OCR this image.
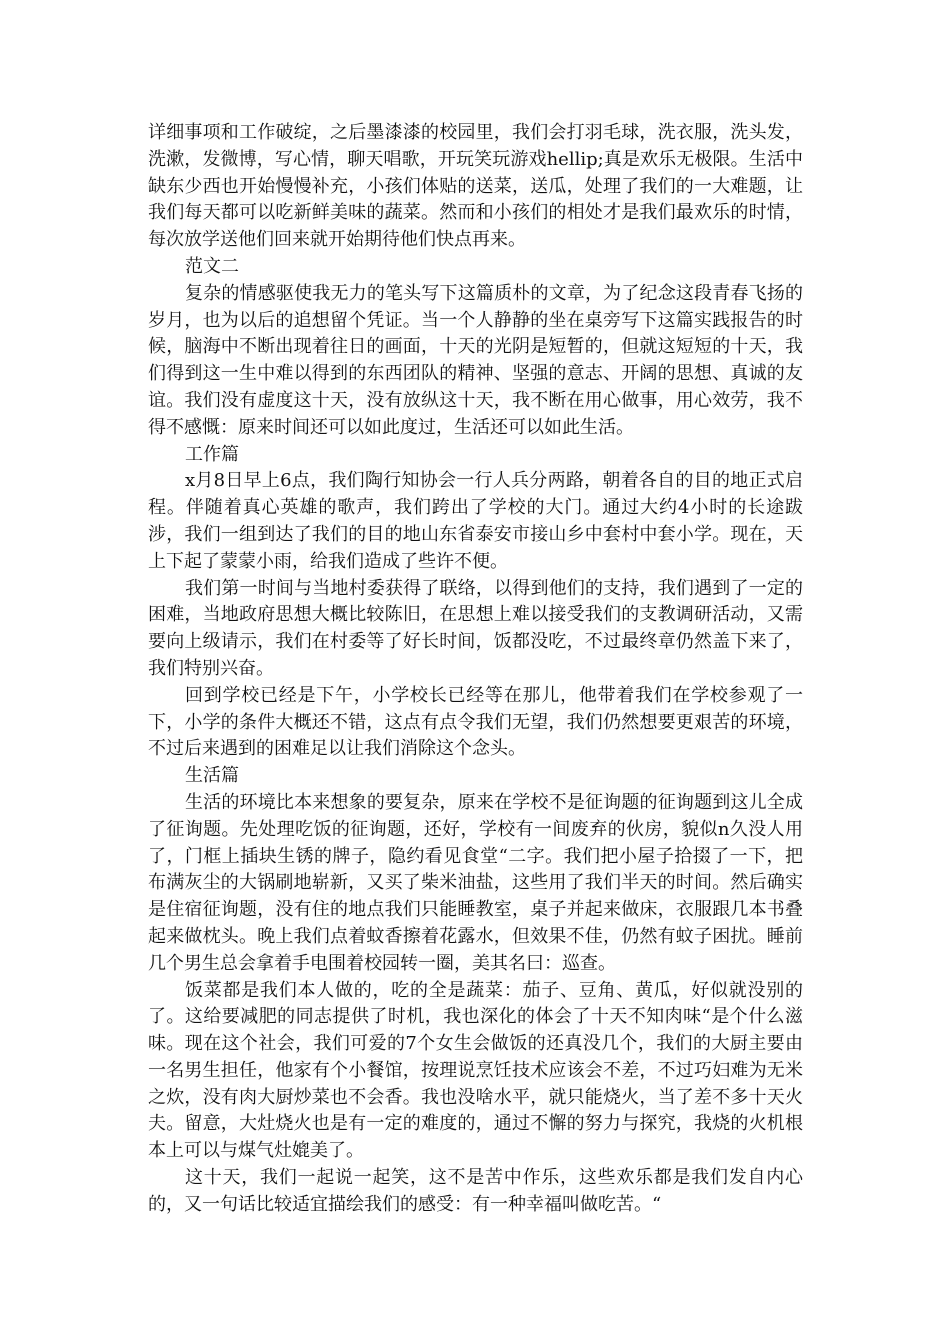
详细事项和工作破绽，之后墨漆漆的校园里，我们会打羽毛球，洗衣服，洗头发，洗漱，发微博，写心情，聊天唱歌，开玩笑玩游戏hellip;真是欢乐无极限。生活中缺东少西也开始慢慢补充，小孩们体贴的送菜，送瓜，处理了我们的一大难题，让我们每天都可以吃新鲜美味的蔬菜。然而和小孩们的相处才是我们最欢乐的时情，每次放学送他们回来就开始期待他们快点再来。

范文二

复杂的情感驱使我无力的笔头写下这篇质朴的文章，为了纪念这段青春飞扬的岁月，也为以后的追想留个凭证。当一个人静静的坐在桌旁写下这篇实践报告的时候，脑海中不断出现着往日的画面，十天的光阴是短暂的，但就这短短的十天，我们得到这一生中难以得到的东西团队的精神、坚强的意志、开阔的思想、真诚的友谊。我们没有虚度这十天，没有放纵这十天，我不断在用心做事，用心效劳，我不得不感慨：原来时间还可以如此度过，生活还可以如此生活。

工作篇

x月8日早上6点，我们陶行知协会一行人兵分两路，朝着各自的目的地正式启程。伴随着真心英雄的歌声，我们跨出了学校的大门。通过大约4小时的长途跋涉，我们一组到达了我们的目的地山东省泰安市接山乡中套村中套小学。现在，天上下起了蒙蒙小雨，给我们造成了些许不便。

我们第一时间与当地村委获得了联络，以得到他们的支持，我们遇到了一定的困难，当地政府思想大概比较陈旧，在思想上难以接受我们的支教调研活动，又需要向上级请示，我们在村委等了好长时间，饭都没吃，不过最终章仍然盖下来了，我们特别兴奋。

回到学校已经是下午，小学校长已经等在那儿，他带着我们在学校参观了一下，小学的条件大概还不错，这点有点令我们无望，我们仍然想要更艰苦的环境，不过后来遇到的困难足以让我们消除这个念头。

生活篇

生活的环境比本来想象的要复杂，原来在学校不是征询题的征询题到这儿全成了征询题。先处理吃饭的征询题，还好，学校有一间废弃的伙房，貌似n久没人用了，门框上插块生锈的牌子，隐约看见食堂“二字。我们把小屋子拾掇了一下，把布满灰尘的大锅刷地崭新，又买了柴米油盐，这些用了我们半天的时间。然后确实是住宿征询题，没有住的地点我们只能睡教室，桌子并起来做床，衣服跟几本书叠起来做枕头。晚上我们点着蚊香擦着花露水，但效果不佳，仍然有蚊子困扰。睡前几个男生总会拿着手电围着校园转一圈，美其名曰：巡查。

饭菜都是我们本人做的，吃的全是蔬菜：茄子、豆角、黄瓜，好似就没别的了。这给要减肥的同志提供了时机，我也深化的体会了十天不知肉味“是个什么滋味。现在这个社会，我们可爱的7个女生会做饭的还真没几个，我们的大厨主要由一名男生担任，他家有个小餐馆，按理说烹饪技术应该会不差，不过巧妇难为无米之炊，没有肉大厨炒菜也不会香。我也没啥水平，就只能烧火，当了差不多十天火夫。留意，大灶烧火也是有一定的难度的，通过不懈的努力与探究，我烧的火机根本上可以与煤气灶媲美了。

这十天，我们一起说一起笑，这不是苦中作乐，这些欢乐都是我们发自内心的，又一句话比较适宜描绘我们的感受：有一种幸福叫做吃苦。“
